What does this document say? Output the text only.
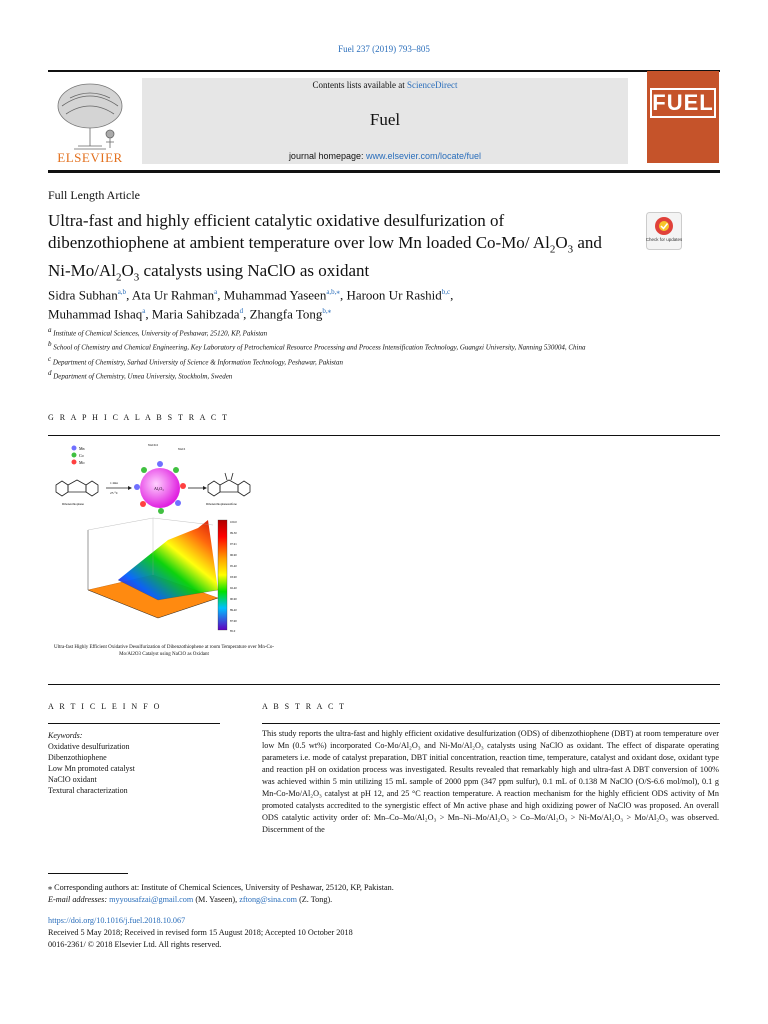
Fuel 237 (2019) 793–805
ELSEVIER
Contents lists available at ScienceDirect
Fuel
journal homepage: www.elsevier.com/locate/fuel
FUEL
Full Length Article
Ultra-fast and highly efficient catalytic oxidative desulfurization of dibenzothiophene at ambient temperature over low Mn loaded Co-Mo/ $Al_2O_3$ and $Ni-Mo/Al_2O_3$ catalysts using NaClO as oxidant
Check for updates
Sidra Subhan$^{a,b}$, Ata Ur Rahman$^a$, Muhammad Yaseen$^{a,b,⁎}$, Haroon Ur Rashid$^{b,c}$,
Muhammad Ishaq$^a$, Maria Sahibzada$^d$, Zhangfa Tong$^{b,⁎}$
$^a$ Institute of Chemical Sciences, University of Peshawar, 25120, KP, Pakistan
$^b$ School of Chemistry and Chemical Engineering, Key Laboratory of Petrochemical Resource Processing and Process Intensification Technology, Guangxi University, Nanning 530004, China
$^c$ Department of Chemistry, Sarhad University of Science & Information Technology, Peshawar, Pakistan
$^d$ Department of Chemistry, Umea University, Stockholm, Sweden
G R A P H I C A L A B S T R A C T
Mn
Co
Mo
Dibenzothiophene
1 min
25 °C
NaClO
NaCl
Al₂O₃
Dibenzothiophenesulfone
100.0
99.50
97.91
96.90
95.40
93.90
92.40
90.90
89.40
87.90
85.0
Ultra-fast Highly Efficient Oxidative Desulfurization of Dibenzothiophene at room Temperature over Mn-Co-Mo/Al2O3 Catalyst using NaClO as Oxidant
A R T I C L E I N F O
Keywords:
Oxidative desulfurization
Dibenzothiophene
Low Mn promoted catalyst
NaClO oxidant
Textural characterization
A B S T R A C T
This study reports the ultra-fast and highly efficient oxidative desulfurization (ODS) of dibenzothiophene (DBT) at room temperature over low Mn (0.5 wt%) incorporated Co-Mo/Al₂O₃ and Ni-Mo/Al₂O₃ catalysts using NaClO as oxidant. The effect of disparate operating parameters i.e. mode of catalyst preparation, DBT initial concentration, reaction time, temperature, catalyst and oxidant dose, oxidant type and reaction pH on oxidation process was investigated. Results revealed that remarkably high and ultra-fast A DBT conversion of 100% was achieved within 5 min utilizing 15 mL sample of 2000 ppm (347 ppm sulfur), 0.1 mL of 0.138 M NaClO (O/S-6.6 mol/mol), 0.1 g Mn-Co-Mo/Al₂O₃ catalyst at pH 12, and 25 °C reaction temperature. A reaction mechanism for the highly efficient ODS activity of Mn promoted catalysts accredited to the synergistic effect of Mn active phase and high oxidizing power of NaClO was proposed. An overall ODS catalytic activity order of: Mn–Co–Mo/Al₂O₃ > Mn–Ni–Mo/Al₂O₃ > Co–Mo/Al₂O₃ > Ni-Mo/Al₂O₃ > Mo/Al₂O₃ was observed. Discernment of the
⁎ Corresponding authors at: Institute of Chemical Sciences, University of Peshawar, 25120, KP, Pakistan.
E-mail addresses: myyousafzai@gmail.com (M. Yaseen), zftong@sina.com (Z. Tong).
https://doi.org/10.1016/j.fuel.2018.10.067
Received 5 May 2018; Received in revised form 15 August 2018; Accepted 10 October 2018
0016-2361/ © 2018 Elsevier Ltd. All rights reserved.
